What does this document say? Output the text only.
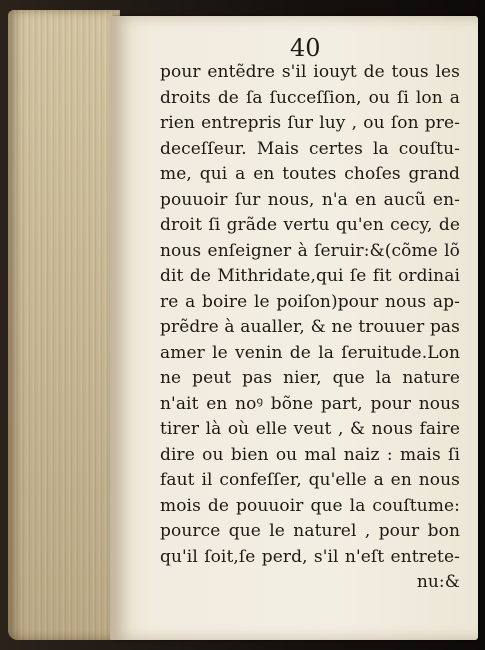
40

pour entẽdre s'il iouyt de tous les
droits de ſa ſucceſſion, ou ſi lon a
rien entrepris ſur luy , ou ſon pre-
deceſſeur. Mais certes la couſtu-
me, qui a en toutes choſes grand
pouuoir ſur nous, n'a en aucũ en-
droit ſi grãde vertu qu'en cecy, de
nous enſeigner à ſeruir:&(cõme lõ
dit de Mithridate,qui ſe fit ordinai
re a boire le poiſon)pour nous ap-
prẽdre à aualler, & ne trouuer pas
amer le venin de la ſeruitude.Lon
ne peut pas nier, que la nature
n'ait en noꝰ bõne part, pour nous
tirer là où elle veut , & nous faire
dire ou bien ou mal naiz : mais ſi
faut il confeſſer, qu'elle a en nous
mois de pouuoir que la couſtume:
pource que le naturel , pour bon
qu'il ſoit,ſe perd, s'il n'eſt entrete-
nu:&
